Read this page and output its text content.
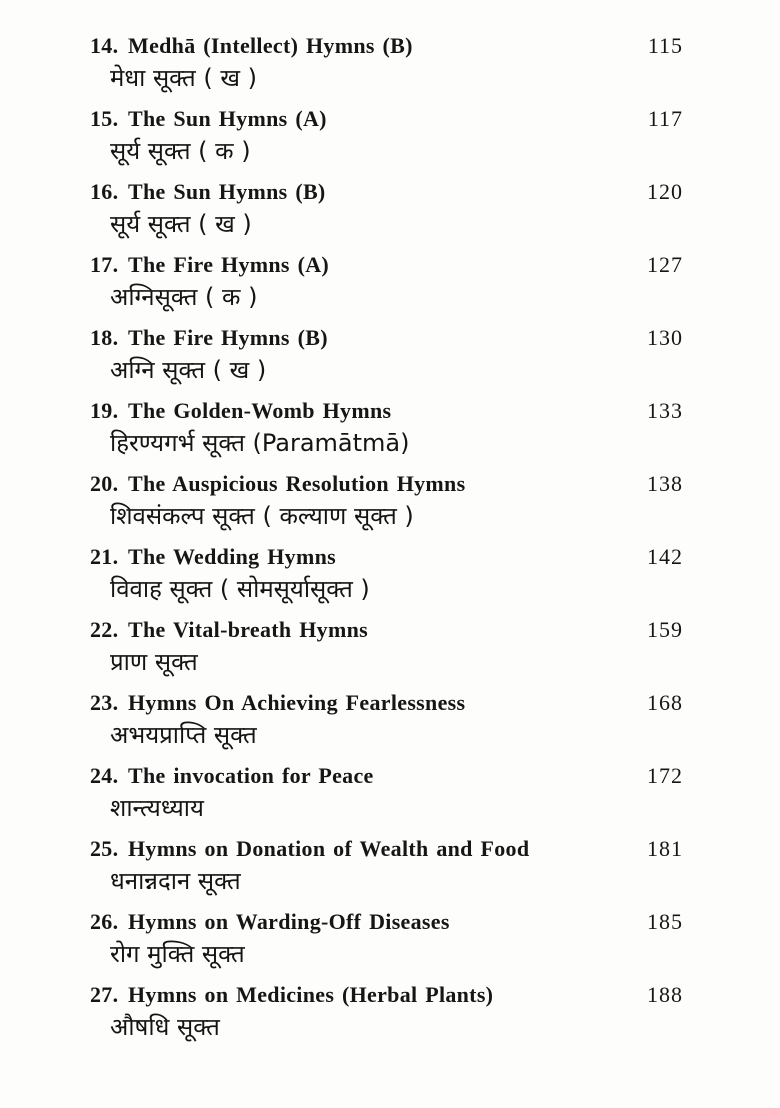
14. Medhā (Intellect) Hymns (B)	115
मेधा सूक्त ( ख )
15. The Sun Hymns (A)	117
सूर्य सूक्त ( क )
16. The Sun Hymns (B)	120
सूर्य सूक्त ( ख )
17. The Fire Hymns (A)	127
अग्निसूक्त ( क )
18. The Fire Hymns (B)	130
अग्नि सूक्त ( ख )
19. The Golden-Womb Hymns	133
हिरण्यगर्भ सूक्त (Paramātmā)
20. The Auspicious Resolution Hymns	138
शिवसंकल्प सूक्त ( कल्याण सूक्त )
21. The Wedding Hymns	142
विवाह सूक्त ( सोमसूर्यासूक्त )
22. The Vital-breath Hymns	159
प्राण सूक्त
23. Hymns On Achieving Fearlessness	168
अभयप्राप्ति सूक्त
24. The invocation for Peace	172
शान्त्यध्याय
25. Hymns on Donation of Wealth and Food	181
धनान्नदान सूक्त
26. Hymns on Warding-Off Diseases	185
रोग मुक्ति सूक्त
27. Hymns on Medicines (Herbal Plants)	188
औषधि सूक्त
